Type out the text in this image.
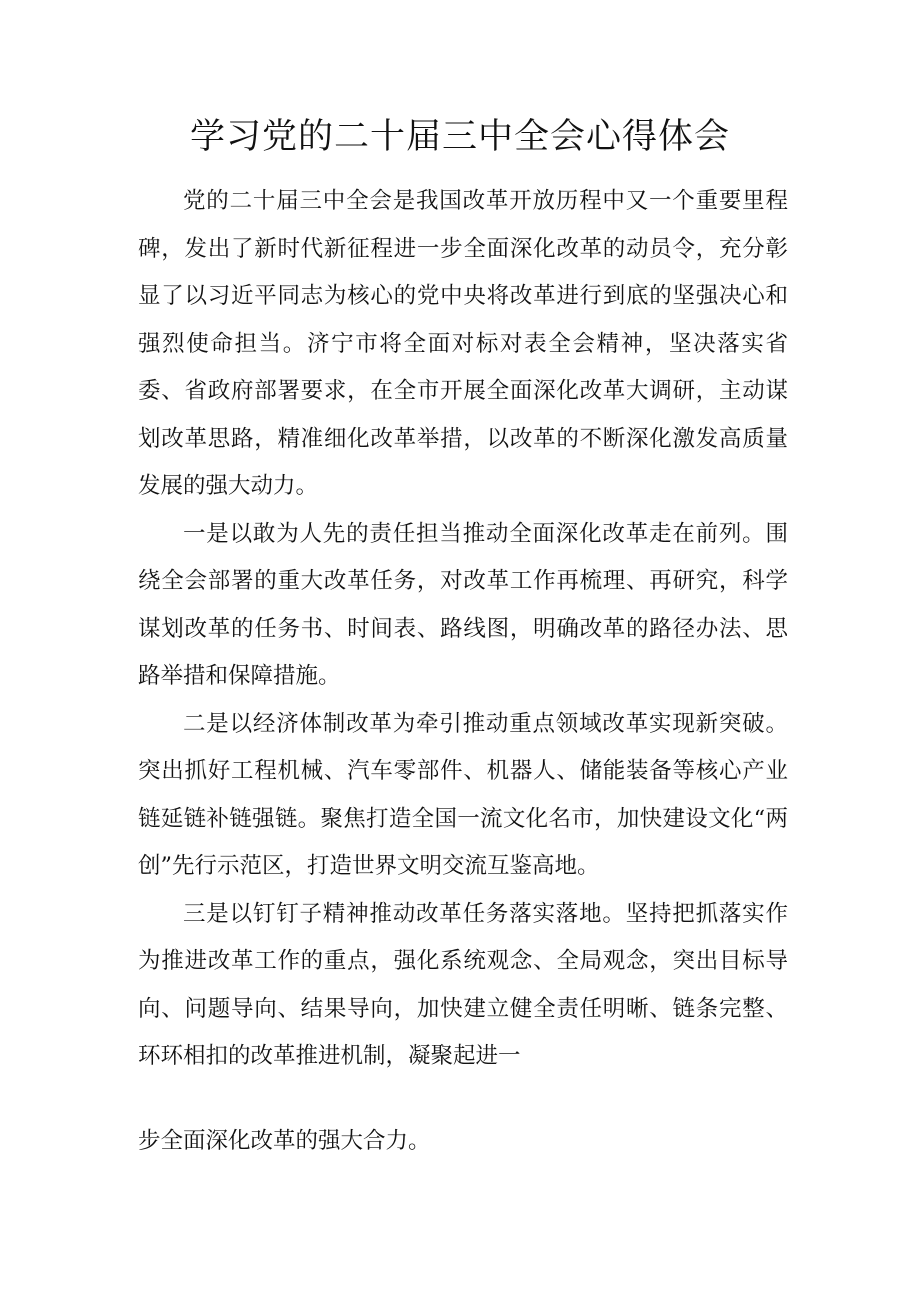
学习党的二十届三中全会心得体会

党的二十届三中全会是我国改革开放历程中又一个重要里程碑，发出了新时代新征程进一步全面深化改革的动员令，充分彰显了以习近平同志为核心的党中央将改革进行到底的坚强决心和强烈使命担当。济宁市将全面对标对表全会精神，坚决落实省委、省政府部署要求，在全市开展全面深化改革大调研，主动谋划改革思路，精准细化改革举措，以改革的不断深化激发高质量发展的强大动力。

一是以敢为人先的责任担当推动全面深化改革走在前列。围绕全会部署的重大改革任务，对改革工作再梳理、再研究，科学谋划改革的任务书、时间表、路线图，明确改革的路径办法、思路举措和保障措施。

二是以经济体制改革为牵引推动重点领域改革实现新突破。突出抓好工程机械、汽车零部件、机器人、储能装备等核心产业链延链补链强链。聚焦打造全国一流文化名市，加快建设文化“两创”先行示范区，打造世界文明交流互鉴高地。

三是以钉钉子精神推动改革任务落实落地。坚持把抓落实作为推进改革工作的重点，强化系统观念、全局观念，突出目标导向、问题导向、结果导向，加快建立健全责任明晰、链条完整、环环相扣的改革推进机制，凝聚起进一

步全面深化改革的强大合力。
